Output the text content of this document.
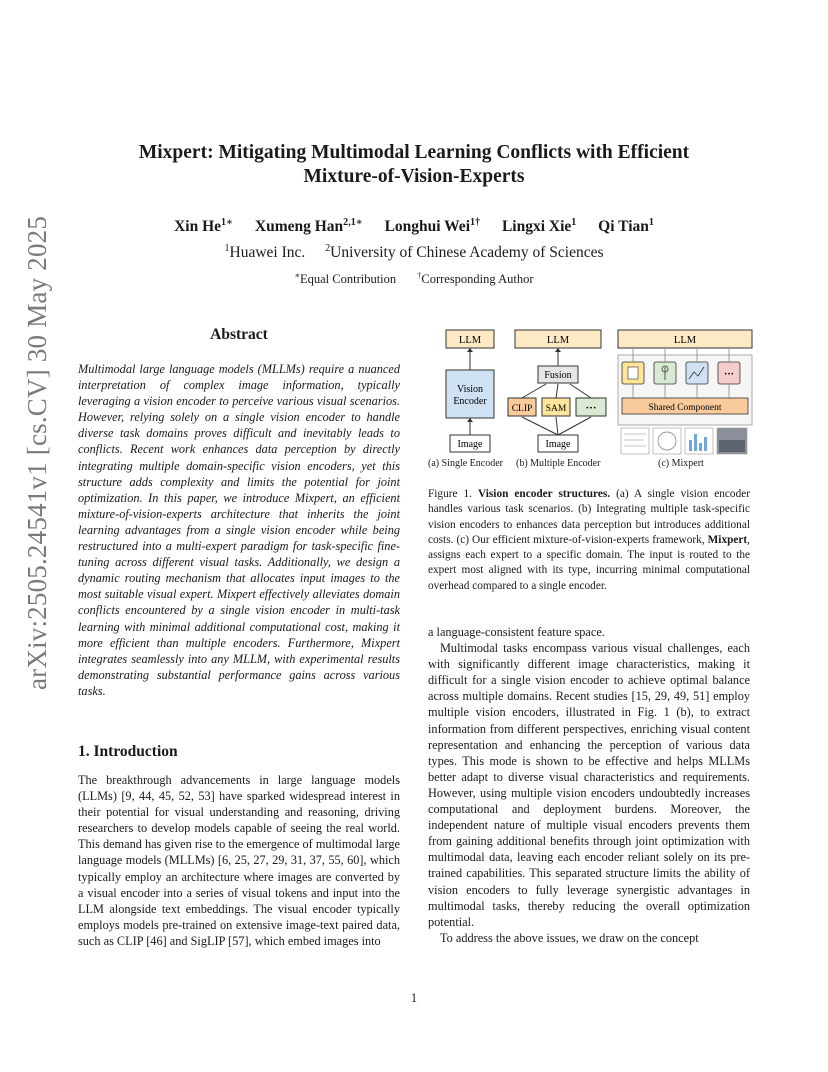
arXiv:2505.24541v1 [cs.CV] 30 May 2025
Mixpert: Mitigating Multimodal Learning Conflicts with Efficient
Mixture-of-Vision-Experts
Xin $He^{1∗}$ Xumeng Han$^{2,1∗}$ Longhui Wei$^{1\dagger}$ Lingxi Xie$^1$ Qi Tian$^1$
$^1$Huawei Inc. $^2$University of Chinese Academy of Sciences
∗Equal Contribution	†Corresponding Author
Abstract

Multimodal large language models (MLLMs) require a nuanced interpretation of complex image information, typically leveraging a vision encoder to perceive various visual scenarios. However, relying solely on a single vision encoder to handle diverse task domains proves difficult and inevitably leads to conflicts. Recent work enhances data perception by directly integrating multiple domain-specific vision encoders, yet this structure adds complexity and limits the potential for joint optimization. In this paper, we introduce Mixpert, an efficient mixture-of-vision-experts architecture that inherits the joint learning advantages from a single vision encoder while being restructured into a multi-expert paradigm for task-specific fine-tuning across different visual tasks. Additionally, we design a dynamic routing mechanism that allocates input images to the most suitable visual expert. Mixpert effectively alleviates domain conflicts encountered by a single vision encoder in multi-task learning with minimal additional computational cost, making it more efficient than multiple encoders. Furthermore, Mixpert integrates seamlessly into any MLLM, with experimental results demonstrating substantial performance gains across various tasks.

1. Introduction

The breakthrough advancements in large language models (LLMs) [9, 44, 45, 52, 53] have sparked widespread interest in their potential for visual understanding and reasoning, driving researchers to develop models capable of seeing the real world. This demand has given rise to the emergence of multimodal large language models (MLLMs) [6, 25, 27, 29, 31, 37, 55, 60], which typically employ an architecture where images are converted by a visual encoder into a series of visual tokens and input into the LLM alongside text embeddings. The visual encoder typically employs models pre-trained on extensive image-text paired data, such as CLIP [46] and SigLIP [57], which embed images into

LLM
Vision
Encoder
Image
LLM
Fusion
CLIP SAM ···
Image
LLM
···
Shared Component
(a) Single Encoder (b) Multiple Encoder	(c) Mixpert
Figure 1. Vision encoder structures. (a) A single vision encoder handles various task scenarios. (b) Integrating multiple task-specific vision encoders to enhances data perception but introduces additional costs. (c) Our efficient mixture-of-vision-experts framework, Mixpert, assigns each expert to a specific domain. The input is routed to the expert most aligned with its type, incurring minimal computational overhead compared to a single encoder.

a language-consistent feature space.

Multimodal tasks encompass various visual challenges, each with significantly different image characteristics, making it difficult for a single vision encoder to achieve optimal balance across multiple domains. Recent studies [15, 29, 49, 51] employ multiple vision encoders, illustrated in Fig. 1 (b), to extract information from different perspectives, enriching visual content representation and enhancing the perception of various data types. This mode is shown to be effective and helps MLLMs better adapt to diverse visual characteristics and requirements. However, using multiple vision encoders undoubtedly increases computational and deployment burdens. Moreover, the independent nature of multiple visual encoders prevents them from gaining additional benefits through joint optimization with multimodal data, leaving each encoder reliant solely on its pre-trained capabilities. This separated structure limits the ability of vision encoders to fully leverage synergistic advantages in multimodal tasks, thereby reducing the overall optimization potential.

To address the above issues, we draw on the concept

1
